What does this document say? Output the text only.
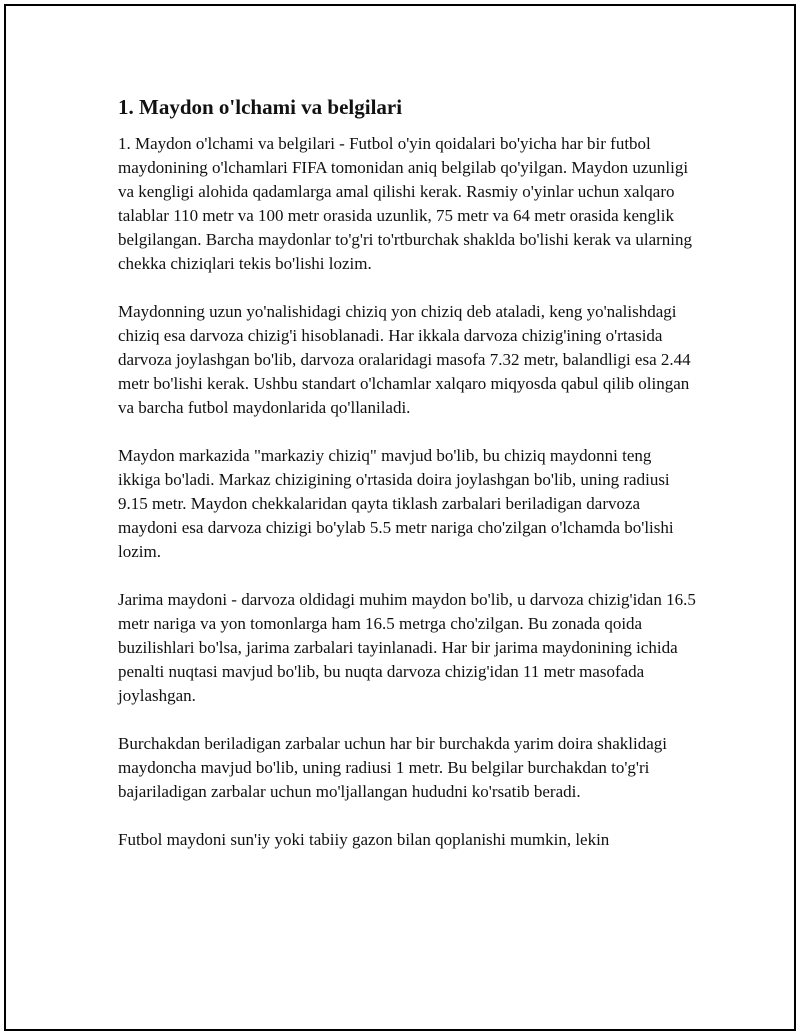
1. Maydon o'lchami va belgilari

1. Maydon o'lchami va belgilari - Futbol o'yin qoidalari bo'yicha har bir futbol maydonining o'lchamlari FIFA tomonidan aniq belgilab qo'yilgan. Maydon uzunligi va kengligi alohida qadamlarga amal qilishi kerak. Rasmiy o'yinlar uchun xalqaro talablar 110 metr va 100 metr orasida uzunlik, 75 metr va 64 metr orasida kenglik belgilangan. Barcha maydonlar to'g'ri to'rtburchak shaklda bo'lishi kerak va ularning chekka chiziqlari tekis bo'lishi lozim.

Maydonning uzun yo'nalishidagi chiziq yon chiziq deb ataladi, keng yo'nalishdagi chiziq esa darvoza chizig'i hisoblanadi. Har ikkala darvoza chizig'ining o'rtasida darvoza joylashgan bo'lib, darvoza oralaridagi masofa 7.32 metr, balandligi esa 2.44 metr bo'lishi kerak. Ushbu standart o'lchamlar xalqaro miqyosda qabul qilib olingan va barcha futbol maydonlarida qo'llaniladi.

Maydon markazida "markaziy chiziq" mavjud bo'lib, bu chiziq maydonni teng ikkiga bo'ladi. Markaz chizigining o'rtasida doira joylashgan bo'lib, uning radiusi 9.15 metr. Maydon chekkalaridan qayta tiklash zarbalari beriladigan darvoza maydoni esa darvoza chizigi bo'ylab 5.5 metr nariga cho'zilgan o'lchamda bo'lishi lozim.

Jarima maydoni - darvoza oldidagi muhim maydon bo'lib, u darvoza chizig'idan 16.5 metr nariga va yon tomonlarga ham 16.5 metrga cho'zilgan. Bu zonada qoida buzilishlari bo'lsa, jarima zarbalari tayinlanadi. Har bir jarima maydonining ichida penalti nuqtasi mavjud bo'lib, bu nuqta darvoza chizig'idan 11 metr masofada joylashgan.

Burchakdan beriladigan zarbalar uchun har bir burchakda yarim doira shaklidagi maydoncha mavjud bo'lib, uning radiusi 1 metr. Bu belgilar burchakdan to'g'ri bajariladigan zarbalar uchun mo'ljallangan hududni ko'rsatib beradi.

Futbol maydoni sun'iy yoki tabiiy gazon bilan qoplanishi mumkin, lekin
